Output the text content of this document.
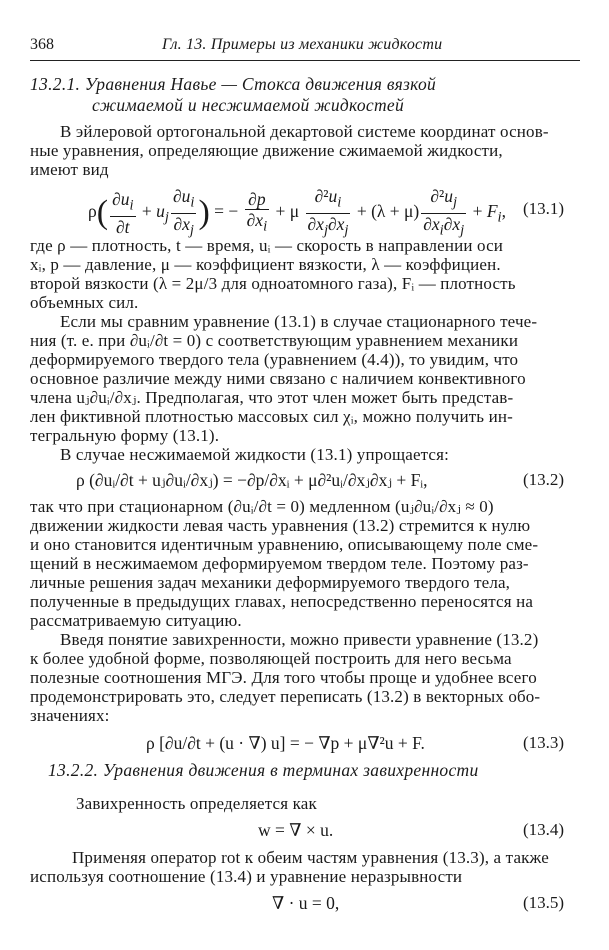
368	Гл. 13. Примеры из механики жидкости
13.2.1. Уравнения Навье — Стокса движения вязкой
сжимаемой и несжимаемой жидкостей
В эйлеровой ортогональной декартовой системе координат основ-
ные уравнения, определяющие движение сжимаемой жидкости,
имеют вид
$\rho( \frac{\partial u_i}{\partial t} + u_j \frac{\partial u_i}{\partial x_j}$ ) = − $\frac{\partial p}{\partial x_i} + \mu \frac{\partial^2u_i}{\partial x_j\partial x_j} + (\lambda + \mu) \frac{\partial^2u_j}{\partial x_i\partial x_j} + F_i$, (13.1)
где ρ — плотность, t — время, uᵢ — скорость в направлении оси
xᵢ, p — давление, μ — коэффициент вязкости, λ — коэффициен.
второй вязкости (λ = 2μ/3 для одноатомного газа), Fᵢ — плотность
объемных сил.
Если мы сравним уравнение (13.1) в случае стационарного тече-
ния (т. е. при ∂uᵢ/∂t = 0) с соответствующим уравнением механики
деформируемого твердого тела (уравнением (4.4)), то увидим, что
основное различие между ними связано с наличием конвективного
члена uⱼ∂uᵢ/∂xⱼ. Предполагая, что этот член может быть представ-
лен фиктивной плотностью массовых сил χᵢ, можно получить ин-
тегральную форму (13.1).
В случае несжимаемой жидкости (13.1) упрощается:
ρ (∂uᵢ/∂t + uⱼ∂uᵢ/∂xⱼ) = −∂p/∂xᵢ + μ∂²uᵢ/∂xⱼ∂xⱼ + Fᵢ,	(13.2)
так что при стационарном (∂uᵢ/∂t = 0) медленном (uⱼ∂uᵢ/∂xⱼ ≈ 0)
движении жидкости левая часть уравнения (13.2) стремится к нулю
и оно становится идентичным уравнению, описывающему поле сме-
щений в несжимаемом деформируемом твердом теле. Поэтому раз-
личные решения задач механики деформируемого твердого тела,
полученные в предыдущих главах, непосредственно переносятся на
рассматриваемую ситуацию.
Введя понятие завихренности, можно привести уравнение (13.2)
к более удобной форме, позволяющей построить для него весьма
полезные соотношения МГЭ. Для того чтобы проще и удобнее всего
продемонстрировать это, следует переписать (13.2) в векторных обо-
значениях:
ρ [∂u/∂t + (u · ∇) u] = − ∇p + μ∇²u + F.	(13.3)
13.2.2. Уравнения движения в терминах завихренности
Завихренность определяется как
w = ∇ × u.	(13.4)
Применяя оператор rot к обеим частям уравнения (13.3), а также
используя соотношение (13.4) и уравнение неразрывности
∇ · u = 0,	(13.5)
